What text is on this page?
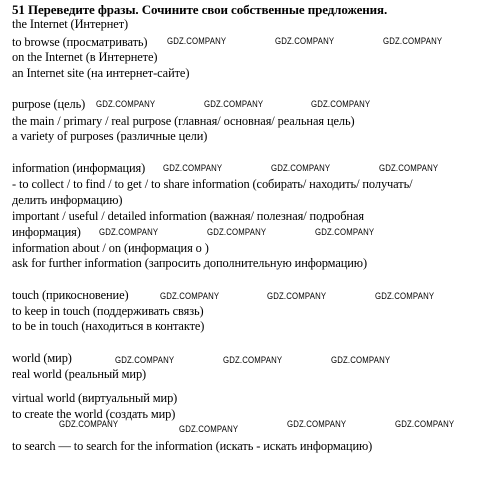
51 Переведите фразы. Сочините свои собственные предложения.
the Internet (Интернет)
to browse (просматривать)
on the Internet (в Интернете)
an Internet site (на интернет-сайте)
purpose (цель)
the main / primary / real purpose (главная/ основная/ реальная цель)
a variety of purposes (различные цели)
information (информация)
- to collect / to find / to get / to share information (собирать/ находить/ получать/
делить информацию)
important / useful / detailed information (важная/ полезная/ подробная
информация)
information about / on (информация о )
ask for further information (запросить дополнительную информацию)
touch (прикосновение)
to keep in touch (поддерживать связь)
to be in touch (находиться в контакте)
world (мир)
real world (реальный мир)
virtual world (виртуальный мир)
to create the world (создать мир)
to search — to search for the information (искать - искать информацию)
GDZ.COMPANY	GDZ.COMPANY	GDZ.COMPANY
GDZ.COMPANY	GDZ.COMPANY	GDZ.COMPANY
GDZ.COMPANY	GDZ.COMPANY	GDZ.COMPANY
GDZ.COMPANY	GDZ.COMPANY	GDZ.COMPANY
GDZ.COMPANY	GDZ.COMPANY	GDZ.COMPANY
GDZ.COMPANY	GDZ.COMPANY	GDZ.COMPANY
GDZ.COMPANY	GDZ.COMPANY	GDZ.COMPANY	GDZ.COMPANY
